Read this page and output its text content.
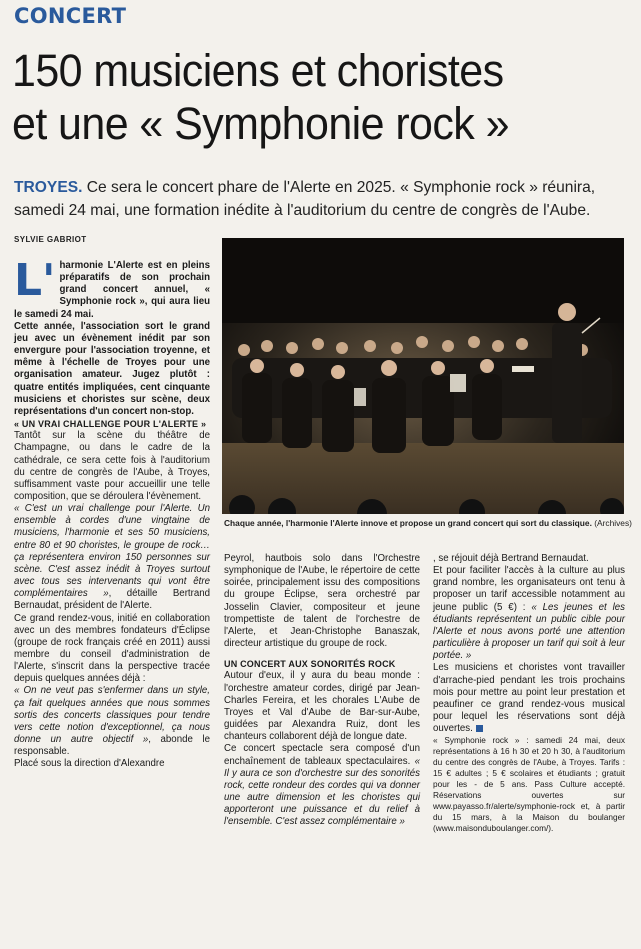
CONCERT
150 musiciens et choristes
et une « Symphonie rock »
TROYES. Ce sera le concert phare de l'Alerte en 2025. « Symphonie rock » réunira, samedi 24 mai, une formation inédite à l'auditorium du centre de congrès de l'Aube.
SYLVIE GABRIOT

L' harmonie L'Alerte est en pleins préparatifs de son prochain grand concert annuel, « Symphonie rock », qui aura lieu le samedi 24 mai.

Cette année, l'association sort le grand jeu avec un évènement inédit par son envergure pour l'association troyenne, et même à l'échelle de Troyes pour une organisation amateur. Jugez plutôt : quatre entités impliquées, cent cinquante musiciens et choristes sur scène, deux représentations d'un concert non-stop.

« UN VRAI CHALLENGE POUR L'ALERTE »

Tantôt sur la scène du théâtre de Champagne, ou dans le cadre de la cathédrale, ce sera cette fois à l'auditorium du centre de congrès de l'Aube, à Troyes, suffisamment vaste pour accueillir une telle composition, que se déroulera l'évènement.

« C'est un vrai challenge pour l'Alerte. Un ensemble à cordes d'une vingtaine de musiciens, l'harmonie et ses 50 musiciens, entre 80 et 90 choristes, le groupe de rock… ça représentera environ 150 personnes sur scène. C'est assez inédit à Troyes surtout avec tous ses intervenants qui vont être complémentaires », détaille Bertrand Bernaudat, président de l'Alerte.

Ce grand rendez-vous, initié en collaboration avec un des membres fondateurs d'Éclipse (groupe de rock français créé en 2011) aussi membre du conseil d'administration de l'Alerte, s'inscrit dans la perspective tracée depuis quelques années déjà :

« On ne veut pas s'enfermer dans un style, ça fait quelques années que nous sommes sortis des concerts classiques pour tendre vers cette notion d'exceptionnel, ça nous donne un autre objectif », abonde le responsable.

Placé sous la direction d'Alexandre

Chaque année, l'harmonie l'Alerte innove et propose un grand concert qui sort du classique. (Archives)

Peyrol, hautbois solo dans l'Orchestre symphonique de l'Aube, le répertoire de cette soirée, principalement issu des compositions du groupe Éclipse, sera orchestré par Josselin Clavier, compositeur et jeune trompettiste de talent de l'orchestre de l'Alerte, et Jean-Christophe Banaszak, directeur artistique du groupe de rock.

UN CONCERT AUX SONORITÉS ROCK

Autour d'eux, il y aura du beau monde : l'orchestre amateur cordes, dirigé par Jean-Charles Fereira, et les chorales L'Aube de Troyes et Val d'Aube de Bar-sur-Aube, guidées par Alexandra Ruiz, dont les chanteurs collaborent déjà de longue date.

Ce concert spectacle sera composé d'un enchaînement de tableaux spectaculaires. « Il y aura ce son d'orchestre sur des sonorités rock, cette rondeur des cordes qui va donner une autre dimension et les choristes qui apporteront une puissance et du relief à l'ensemble. C'est assez complémentaire »

, se réjouit déjà Bertrand Bernaudat.

Et pour faciliter l'accès à la culture au plus grand nombre, les organisateurs ont tenu à proposer un tarif accessible notamment au jeune public (5 €) : « Les jeunes et les étudiants représentent un public cible pour l'Alerte et nous avons porté une attention particulière à proposer un tarif qui soit à leur portée. »

Les musiciens et choristes vont travailler d'arrache-pied pendant les trois prochains mois pour mettre au point leur prestation et peaufiner ce grand rendez-vous musical pour lequel les réservations sont déjà ouvertes.

« Symphonie rock » : samedi 24 mai, deux représentations à 16 h 30 et 20 h 30, à l'auditorium du centre des congrès de l'Aube, à Troyes. Tarifs : 15 € adultes ; 5 € scolaires et étudiants ; gratuit pour les - de 5 ans. Pass Culture accepté. Réservations ouvertes sur www.payasso.fr/alerte/symphonie-rock et, à partir du 15 mars, à la Maison du boulanger (www.maisonduboulanger.com/).
